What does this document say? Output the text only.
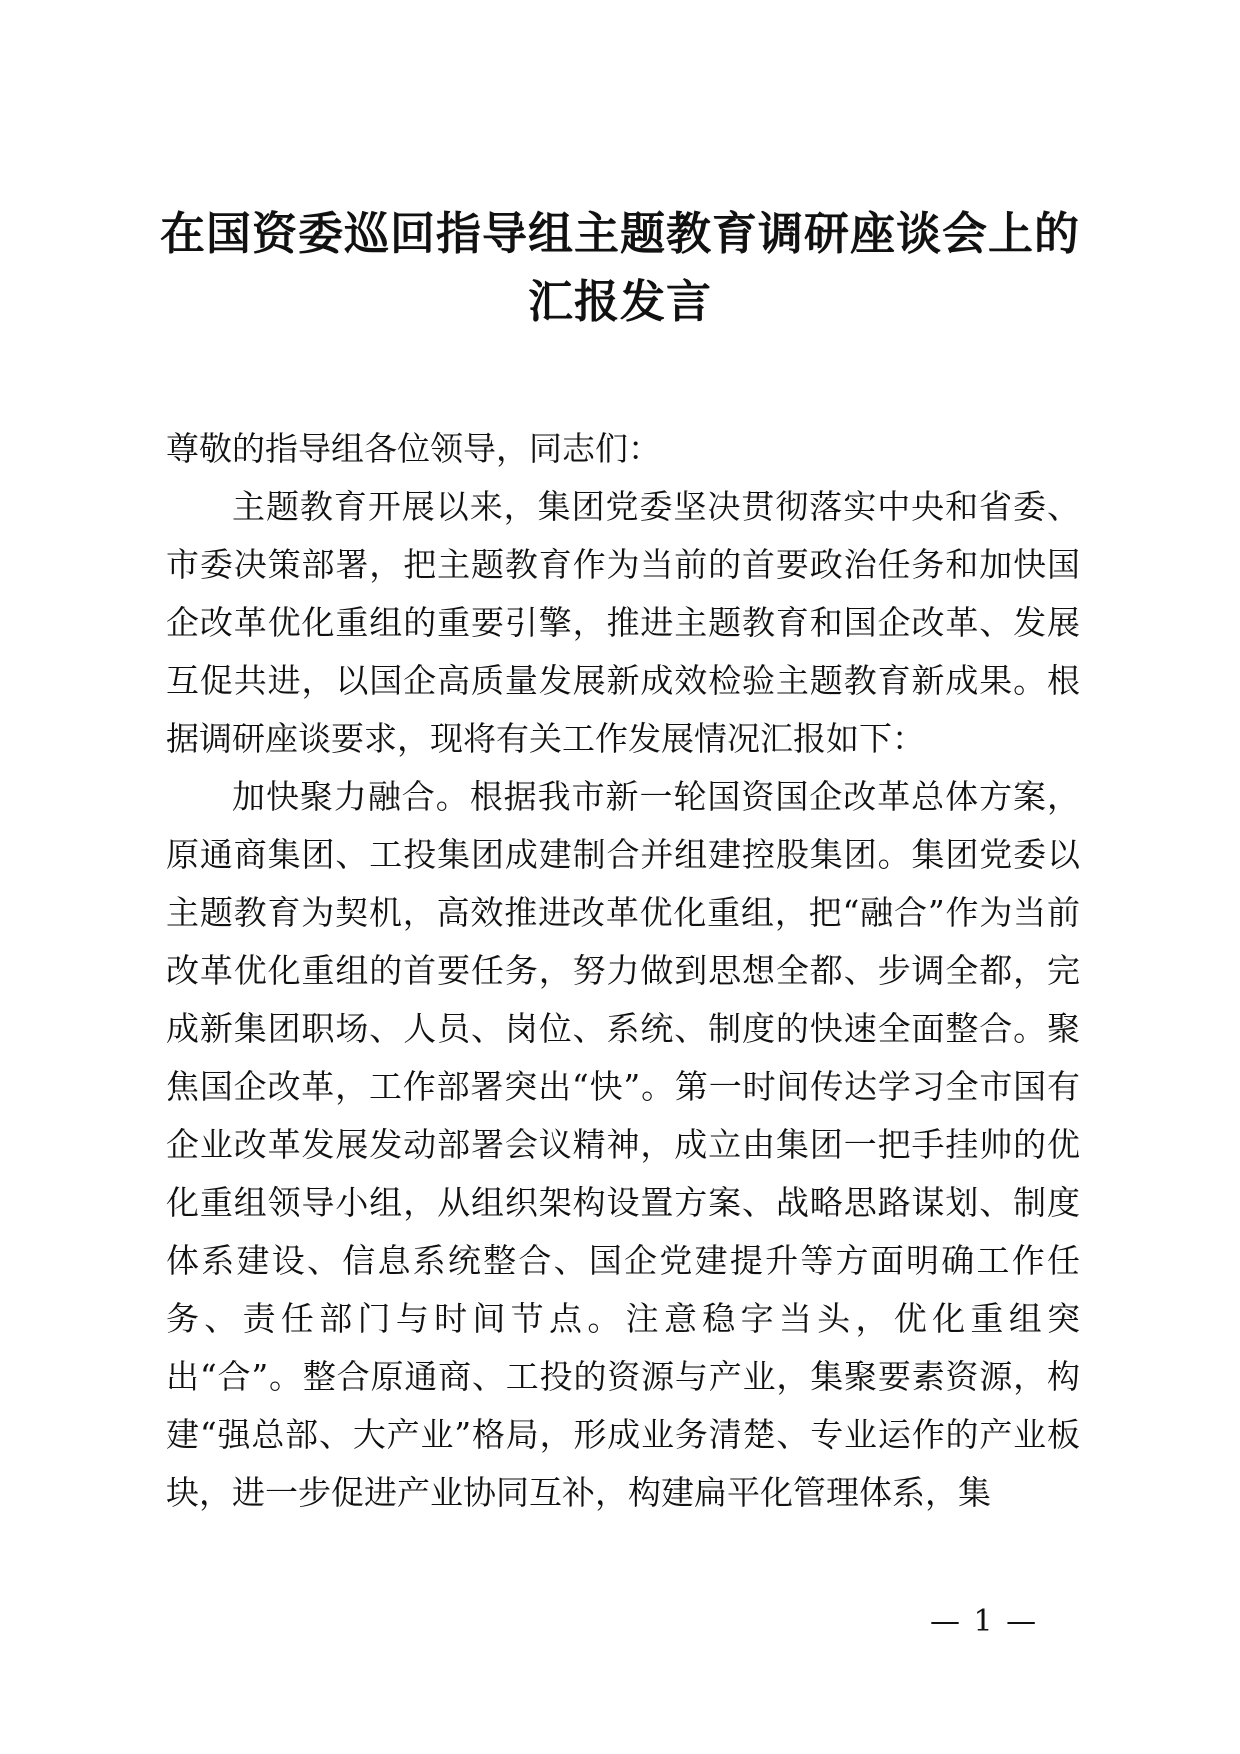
在国资委巡回指导组主题教育调研座谈会上的
汇报发言

尊敬的指导组各位领导，同志们：

主题教育开展以来，集团党委坚决贯彻落实中央和省委、市委决策部署，把主题教育作为当前的首要政治任务和加快国企改革优化重组的重要引擎，推进主题教育和国企改革、发展互促共进，以国企高质量发展新成效检验主题教育新成果。根据调研座谈要求，现将有关工作发展情况汇报如下：

加快聚力融合。根据我市新一轮国资国企改革总体方案，原通商集团、工投集团成建制合并组建控股集团。集团党委以主题教育为契机，高效推进改革优化重组，把“融合”作为当前改革优化重组的首要任务，努力做到思想全都、步调全都，完成新集团职场、人员、岗位、系统、制度的快速全面整合。聚焦国企改革，工作部署突出“快”。第一时间传达学习全市国有企业改革发展发动部署会议精神，成立由集团一把手挂帅的优化重组领导小组，从组织架构设置方案、战略思路谋划、制度体系建设、信息系统整合、国企党建提升等方面明确工作任务、责任部门与时间节点。注意稳字当头，优化重组突出“合”。整合原通商、工投的资源与产业，集聚要素资源，构建“强总部、大产业”格局，形成业务清楚、专业运作的产业板块，进一步促进产业协同互补，构建扁平化管理体系，集

— 1 —
